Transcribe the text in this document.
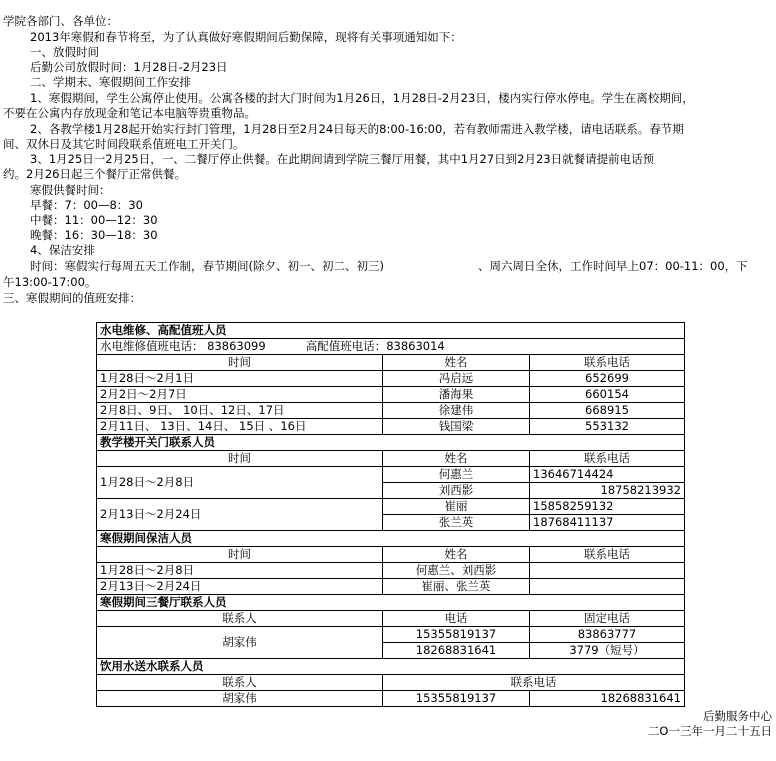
学院各部门、各单位：
2013年寒假和春节将至，为了认真做好寒假期间后勤保障，现将有关事项通知如下：
一、放假时间
后勤公司放假时间：1月28日-2月23日
二、学期末、寒假期间工作安排
1、寒假期间，学生公寓停止使用。公寓各楼的封大门时间为1月26日，1月28日-2月23日，楼内实行停水停电。学生在离校期间，
不要在公寓内存放现金和笔记本电脑等贵重物品。
2、各教学楼1月28起开始实行封门管理，1月28日至2月24日每天的8:00-16:00，若有教师需进入教学楼，请电话联系。春节期
间、双休日及其它时间段联系值班电工开关门。
3、1月25日一2月25日，一、二餐厅停止供餐。在此期间请到学院三餐厅用餐，其中1月27日到2月23日就餐请提前电话预
约。2月26日起三个餐厅正常供餐。
寒假供餐时间：
早餐：7：00—8：30
中餐：11：00—12：30
晚餐：16：30—18：30
4、保洁安排
时间：寒假实行每周五天工作制，春节期间(除夕、初一、初二、初三)	、周六周日全休，工作时间早上07：00-11：00，下
午13:00-17:00。
三、寒假期间的值班安排：
水电维修、高配值班人员		
水电维修值班电话： 83863099 高配值班电话：83863014		
时间	姓名	联系电话
1月28日～2月1日	冯启远	652699
2月2日～2月7日	潘海果	660154
2月8日、9日、 10日、12日、17日	徐建伟	668915
2月11日、 13日、14日、 15日 、16日	钱国梁	553132
教学楼开关门联系人员		
时间	姓名	联系电话
1月28日～2月8日	何惠兰	13646714424
	刘西影	18758213932
2月13日～2月24日	崔丽	15858259132
	张兰英	18768411137
寒假期间保洁人员		
时间	姓名	联系电话
1月28日～2月8日	何惠兰、刘西影	
2月13日～2月24日	崔丽、张兰英	
寒假期间三餐厅联系人员		
联系人	电话	固定电话
胡家伟	15355819137	83863777
	18268831641	3779（短号）
饮用水送水联系人员		
联系人	联系电话	
胡家伟	15355819137	18268831641
后勤服务中心
二O一三年一月二十五日
